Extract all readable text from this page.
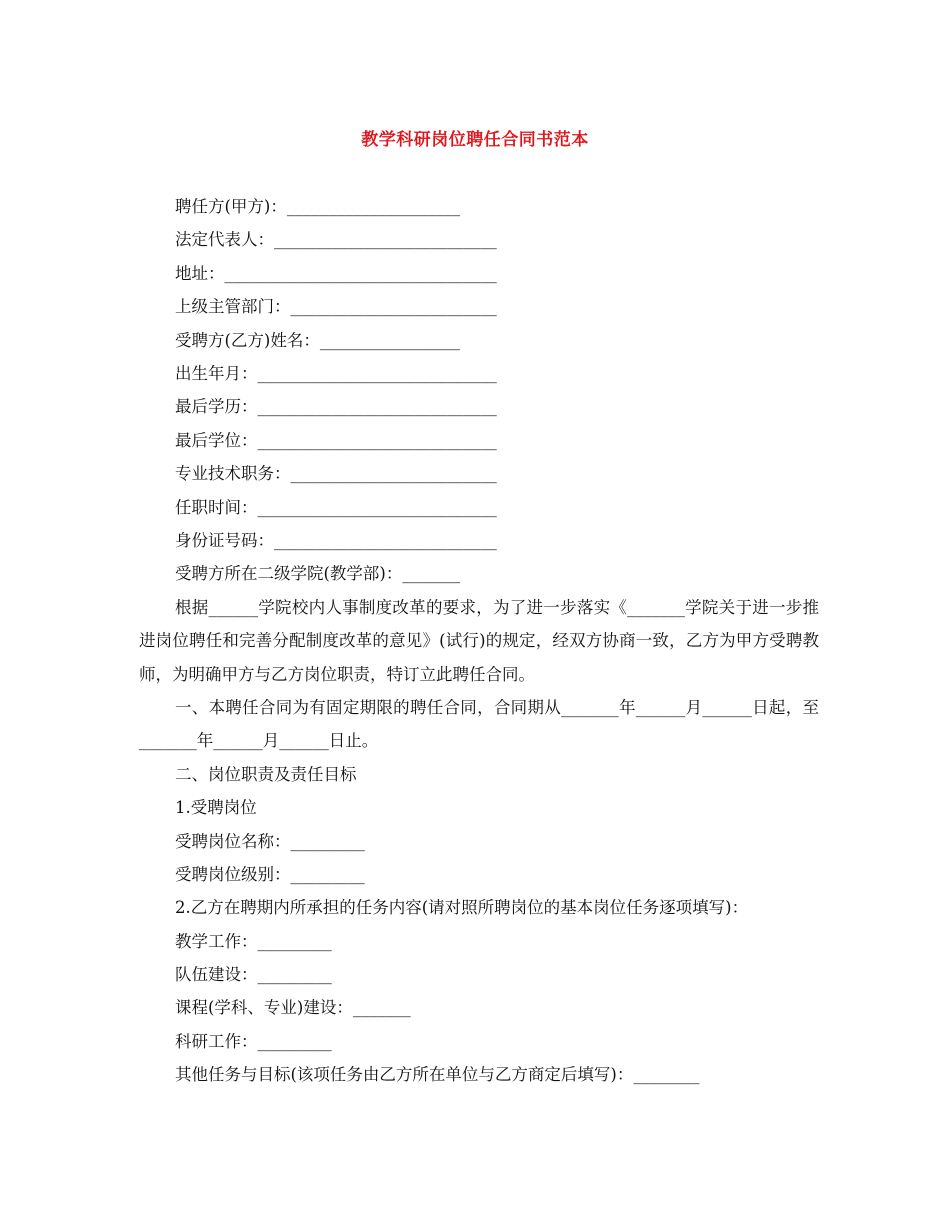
教学科研岗位聘任合同书范本
聘任方(甲方)：_____________________
法定代表人：___________________________
地址：_________________________________
上级主管部门：_________________________
受聘方(乙方)姓名：_________________
出生年月：_____________________________
最后学历：_____________________________
最后学位：_____________________________
专业技术职务：_________________________
任职时间：_____________________________
身份证号码：___________________________
受聘方所在二级学院(教学部)：_______
根据______学院校内人事制度改革的要求，为了进一步落实《_______学院关于进一步推进岗位聘任和完善分配制度改革的意见》(试行)的规定，经双方协商一致，乙方为甲方受聘教师，为明确甲方与乙方岗位职责，特订立此聘任合同。
一、本聘任合同为有固定期限的聘任合同，合同期从_______年______月______日起，至_______年______月______日止。
二、岗位职责及责任目标
1.受聘岗位
受聘岗位名称：_________
受聘岗位级别：_________
2.乙方在聘期内所承担的任务内容(请对照所聘岗位的基本岗位任务逐项填写)：
教学工作：_________
队伍建设：_________
课程(学科、专业)建设：_______
科研工作：_________
其他任务与目标(该项任务由乙方所在单位与乙方商定后填写)：________
